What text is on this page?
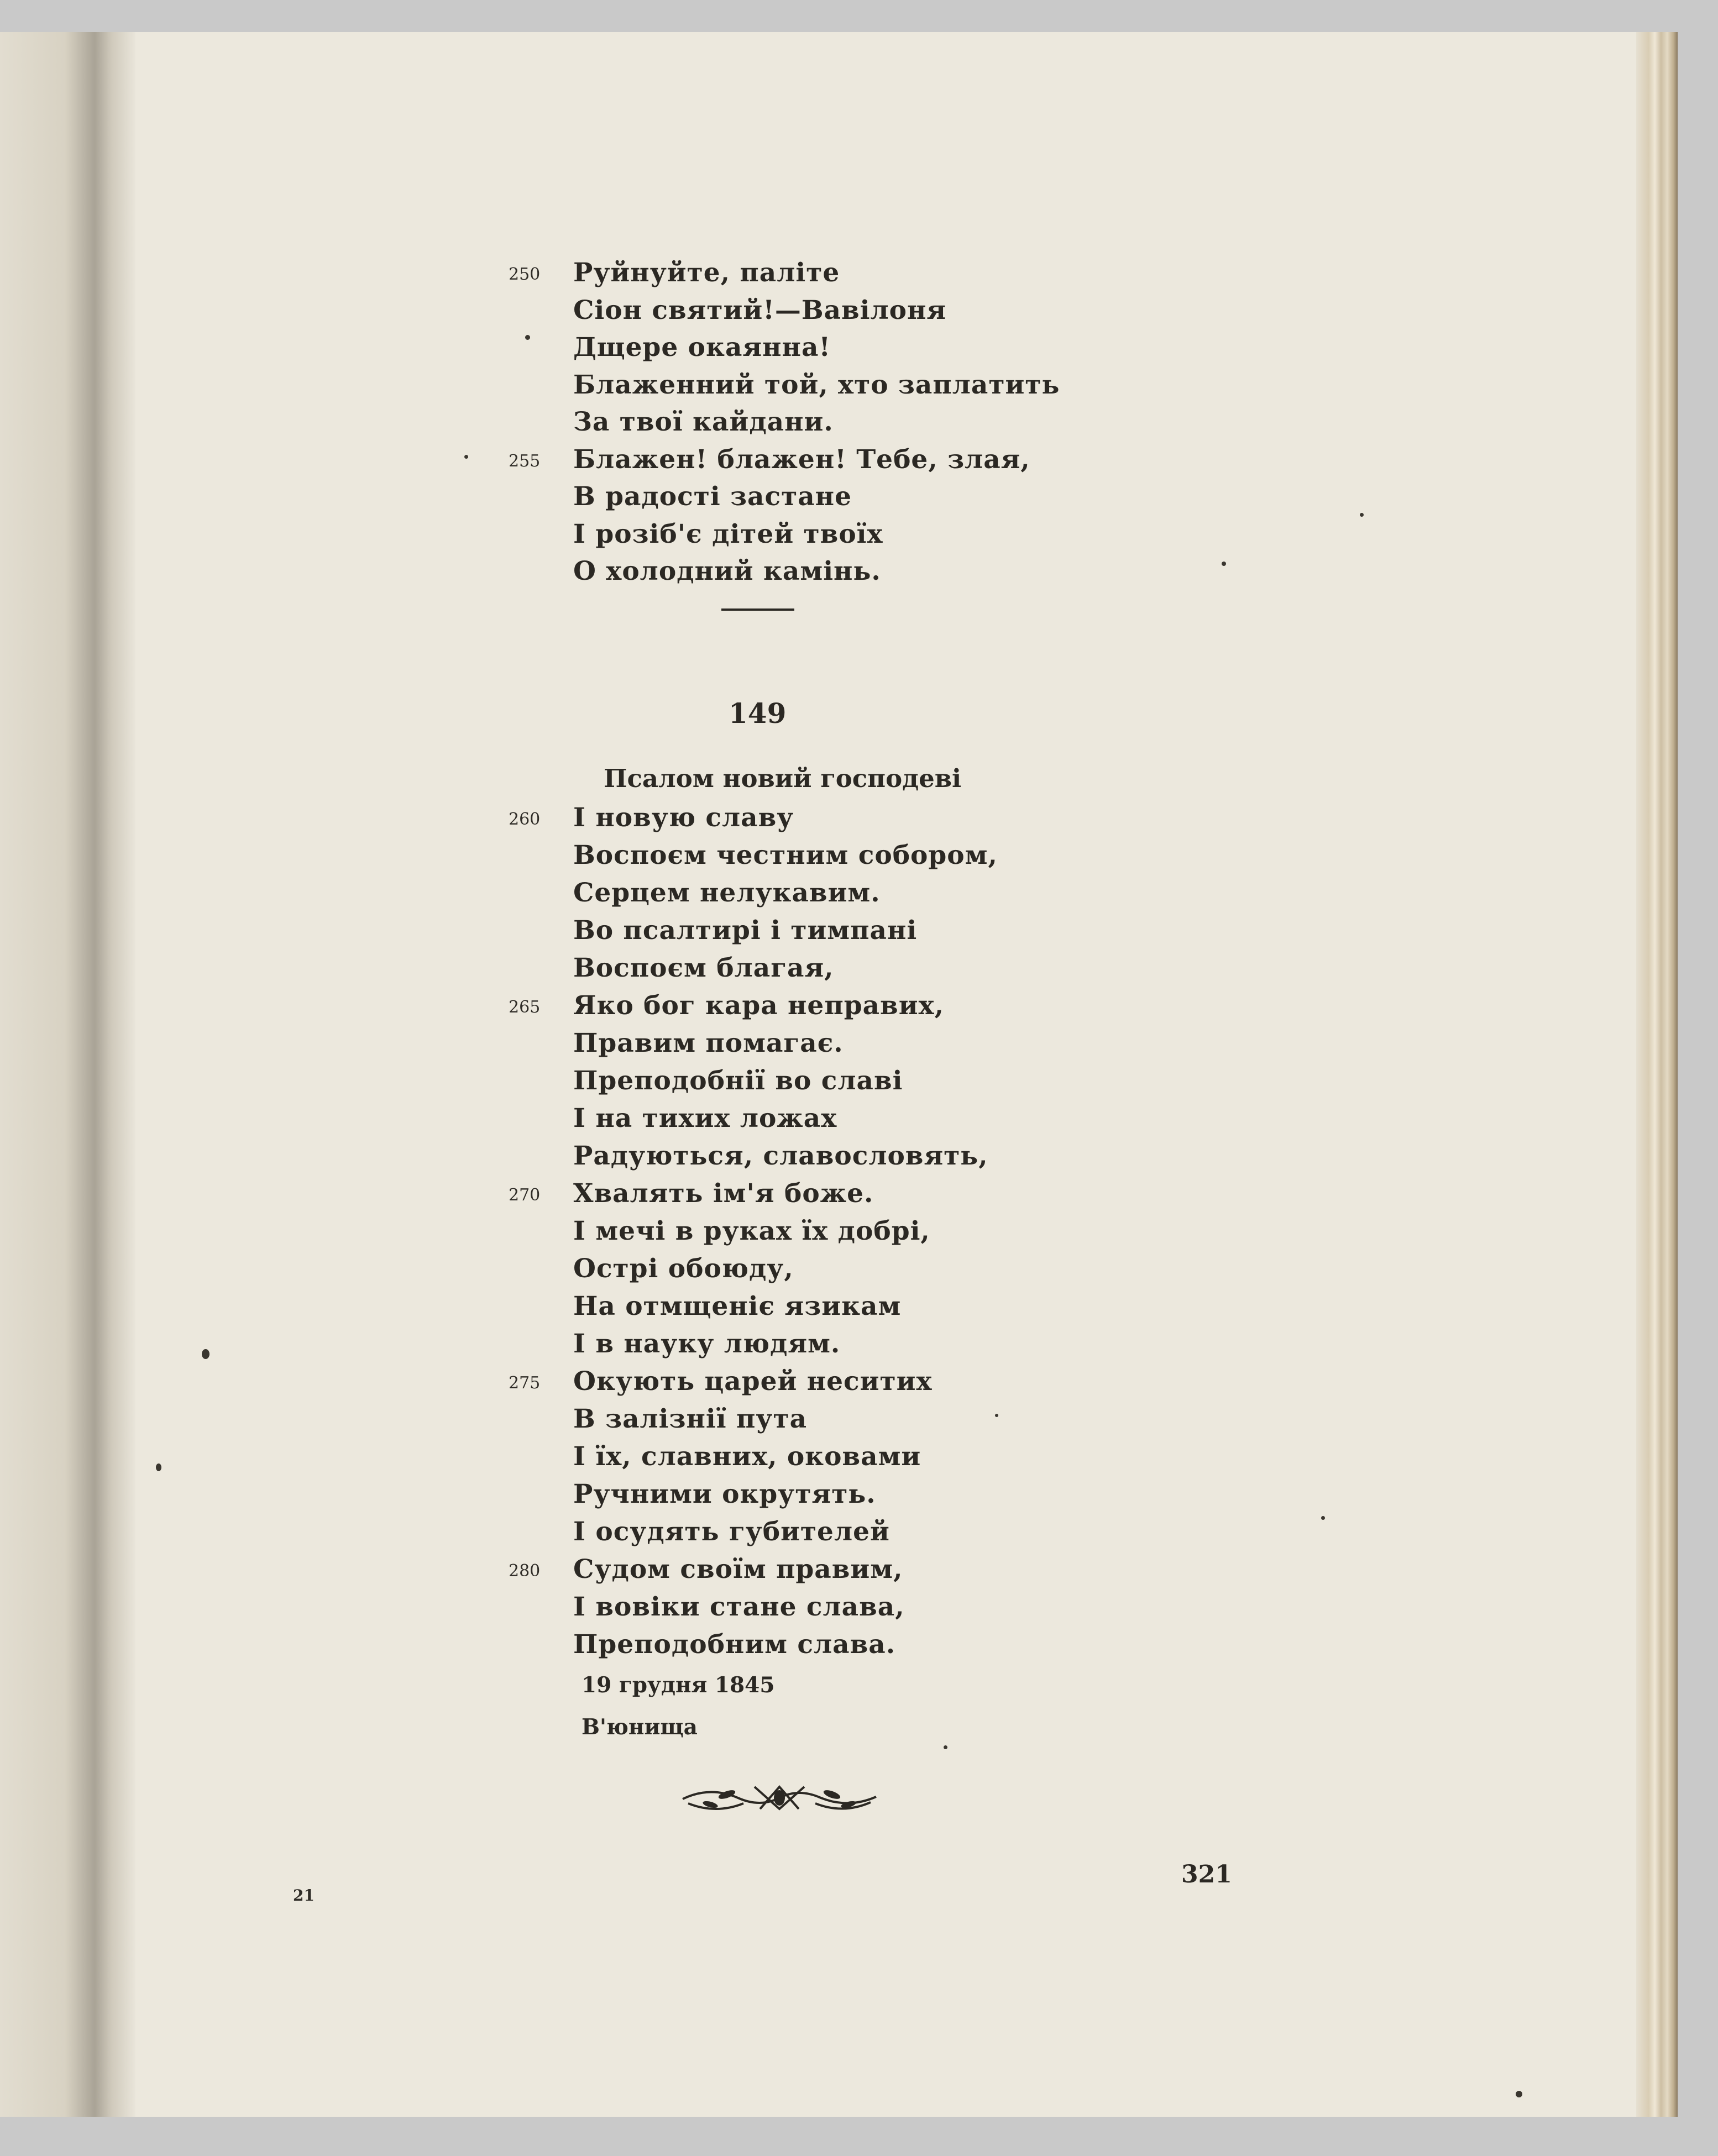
250 Руйнуйте, паліте
Сіон святий!—Вавілоня
Дщере окаянна!
Блаженний той, хто заплатить
За твої кайдани.
255 Блажен! блажен! Тебе, злая,
В радості застане
І розіб'є дітей твоїх
О холодний камінь.
149
Псалом новий господеві
260 І новую славу
Воспоєм честним собором,
Серцем нелукавим.
Во псалтирі і тимпані
Воспоєм благая,
265 Яко бог кара неправих,
Правим помагає.
Преподобнії во славі
І на тихих ложах
Радуються, славословять,
270 Хвалять ім'я боже.
І мечі в руках їх добрі,
Острі обоюду,
На отмщеніє язикам
І в науку людям.
275 Окують царей неситих
В залізнії пута
І їх, славних, оковами
Ручними окрутять.
І осудять губителей
280 Судом своїм правим,
І вовіки стане слава,
Преподобним слава.
19 грудня 1845
В'юнища
21
321
